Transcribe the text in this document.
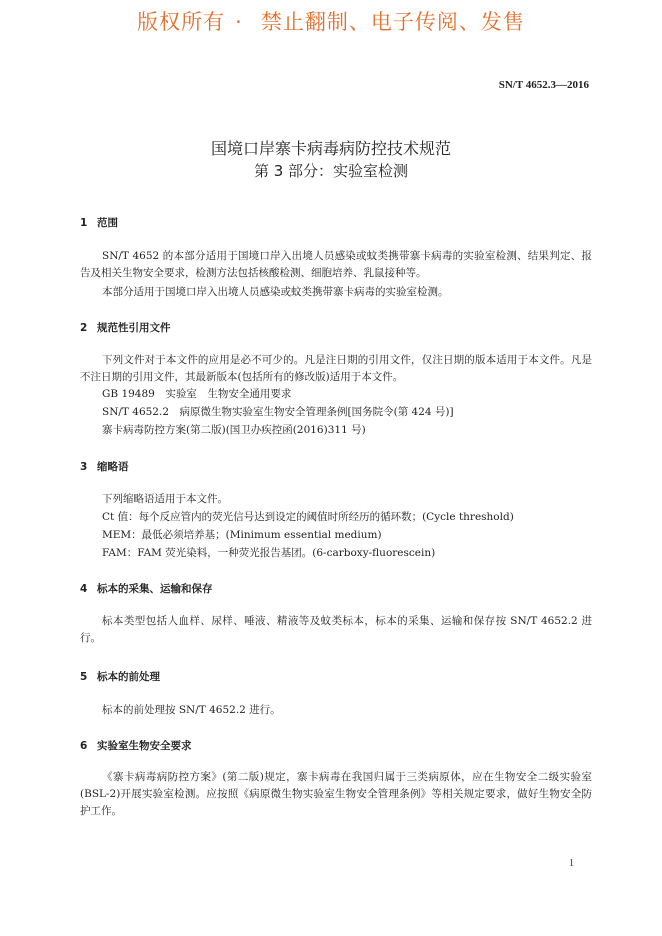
版权所有 · 禁止翻制、电子传阅、发售
SN/T 4652.3—2016
国境口岸寨卡病毒病防控技术规范
第 3 部分：实验室检测
1 范围
SN/T 4652 的本部分适用于国境口岸入出境人员感染或蚊类携带寨卡病毒的实验室检测、结果判定、报告及相关生物安全要求，检测方法包括核酸检测、细胞培养、乳鼠接种等。
本部分适用于国境口岸入出境人员感染或蚊类携带寨卡病毒的实验室检测。
2 规范性引用文件
下列文件对于本文件的应用是必不可少的。凡是注日期的引用文件，仅注日期的版本适用于本文件。凡是不注日期的引用文件，其最新版本(包括所有的修改版)适用于本文件。
GB 19489　实验室　生物安全通用要求
SN/T 4652.2　病原微生物实验室生物安全管理条例[国务院令(第 424 号)]
寨卡病毒防控方案(第二版)(国卫办疾控函(2016)311 号)
3 缩略语
下列缩略语适用于本文件。
Ct 值：每个反应管内的荧光信号达到设定的阈值时所经历的循环数；(Cycle threshold)
MEM：最低必须培养基；(Minimum essential medium)
FAM：FAM 荧光染料，一种荧光报告基团。(6-carboxy-fluorescein)
4 标本的采集、运输和保存
标本类型包括人血样、尿样、唾液、精液等及蚊类标本，标本的采集、运输和保存按 SN/T 4652.2 进行。
5 标本的前处理
标本的前处理按 SN/T 4652.2 进行。
6 实验室生物安全要求
《寨卡病毒病防控方案》(第二版)规定，寨卡病毒在我国归属于三类病原体，应在生物安全二级实验室(BSL-2)开展实验室检测。应按照《病原微生物实验室生物安全管理条例》等相关规定要求，做好生物安全防护工作。
1
